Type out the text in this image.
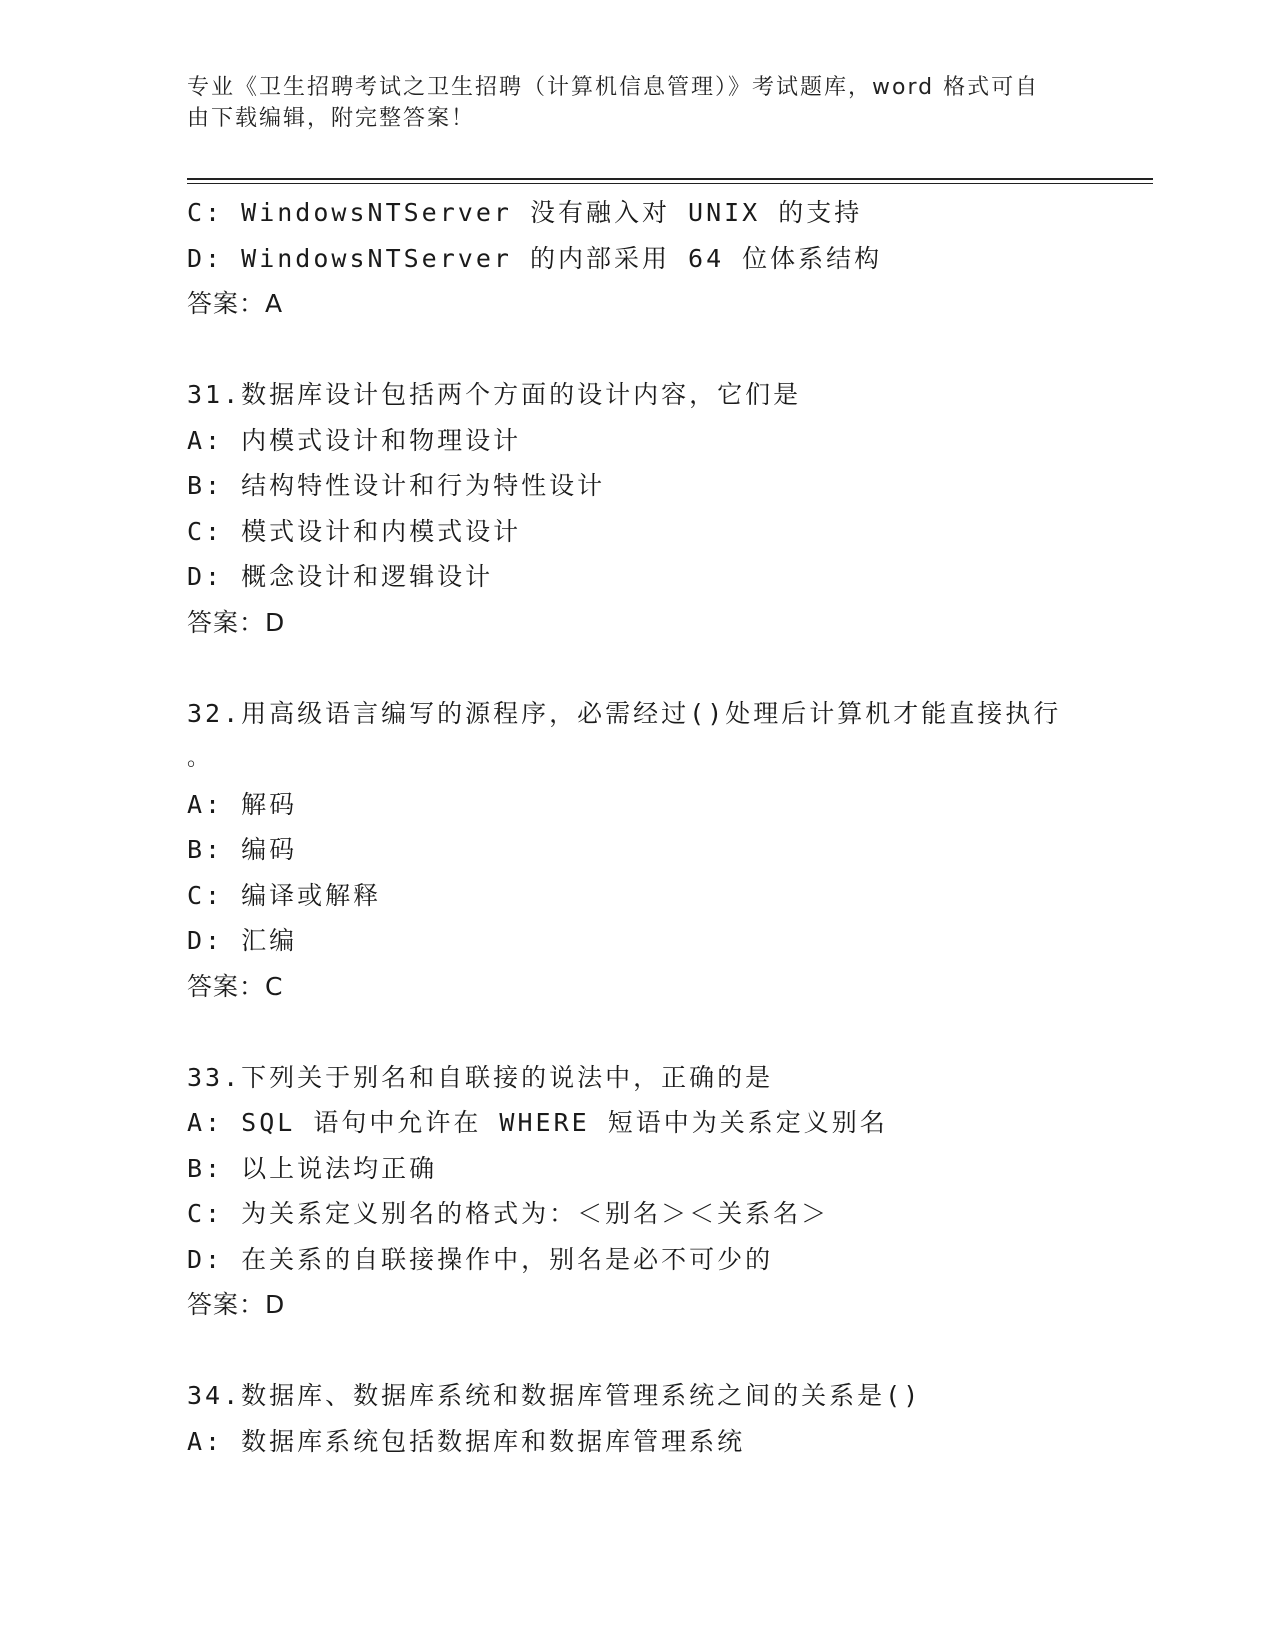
专业《卫生招聘考试之卫生招聘（计算机信息管理）》考试题库，word 格式可自
由下载编辑，附完整答案！
C: WindowsNTServer 没有融入对 UNIX 的支持
D: WindowsNTServer 的内部采用 64 位体系结构
答案：A
31.数据库设计包括两个方面的设计内容，它们是
A: 内模式设计和物理设计
B: 结构特性设计和行为特性设计
C: 模式设计和内模式设计
D: 概念设计和逻辑设计
答案：D
32.用高级语言编写的源程序，必需经过()处理后计算机才能直接执行
。
A: 解码
B: 编码
C: 编译或解释
D: 汇编
答案：C
33.下列关于别名和自联接的说法中，正确的是
A: SQL 语句中允许在 WHERE 短语中为关系定义别名
B: 以上说法均正确
C: 为关系定义别名的格式为：＜别名＞＜关系名＞
D: 在关系的自联接操作中，别名是必不可少的
答案：D
34.数据库、数据库系统和数据库管理系统之间的关系是()
A: 数据库系统包括数据库和数据库管理系统
